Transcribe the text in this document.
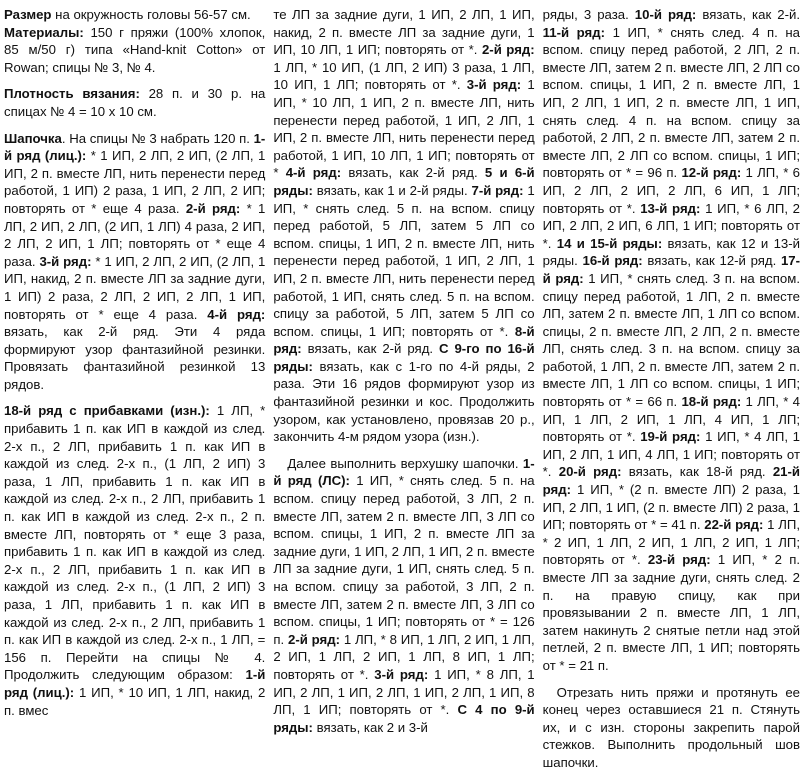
Размер на окружность головы 56-57 см.

Материалы: 150 г пряжи (100% хлопок, 85 м/50 г) типа «Hand-knit Cotton» от Rowan; спицы № 3, № 4.

Плотность вязания: 28 п. и 30 р. на спицах № 4 = 10 х 10 см.

Шапочка. На спицы № 3 набрать 120 п. 1-й ряд (лиц.): * 1 ИП, 2 ЛП, 2 ИП, (2 ЛП, 1 ИП, 2 п. вместе ЛП, нить перенести перед работой, 1 ИП) 2 раза, 1 ИП, 2 ЛП, 2 ИП; повторять от * еще 4 раза. 2-й ряд: * 1 ЛП, 2 ИП, 2 ЛП, (2 ИП, 1 ЛП) 4 раза, 2 ИП, 2 ЛП, 2 ИП, 1 ЛП; повторять от * еще 4 раза. 3-й ряд: * 1 ИП, 2 ЛП, 2 ИП, (2 ЛП, 1 ИП, накид, 2 п. вместе ЛП за задние дуги, 1 ИП) 2 раза, 2 ЛП, 2 ИП, 2 ЛП, 1 ИП, повторять от * еще 4 раза. 4-й ряд: вязать, как 2-й ряд. Эти 4 ряда формируют узор фантазийной резинки. Провязать фантазийной резинкой 13 рядов.

18-й ряд с прибавками (изн.): 1 ЛП, * прибавить 1 п. как ИП в каждой из след. 2-х п., 2 ЛП, прибавить 1 п. как ИП в каждой из след. 2-х п., (1 ЛП, 2 ИП) 3 раза, 1 ЛП, прибавить 1 п. как ИП в каждой из след. 2-х п., 2 ЛП, прибавить 1 п. как ИП в каждой из след. 2-х п., 2 п. вместе ЛП, повторять от * еще 3 раза, прибавить 1 п. как ИП в каждой из след. 2-х п., 2 ЛП, прибавить 1 п. как ИП в каждой из след. 2-х п., (1 ЛП, 2 ИП) 3 раза, 1 ЛП, прибавить 1 п. как ИП в каждой из след. 2-х п., 2 ЛП, прибавить 1 п. как ИП в каждой из след. 2-х п., 1 ЛП, = 156 п. Перейти на спицы № 4. Продолжить следующим образом: 1-й ряд (лиц.): 1 ИП, * 10 ИП, 1 ЛП, накид, 2 п. вмес

те ЛП за задние дуги, 1 ИП, 2 ЛП, 1 ИП, накид, 2 п. вместе ЛП за задние дуги, 1 ИП, 10 ЛП, 1 ИП; повторять от *. 2-й ряд: 1 ЛП, * 10 ИП, (1 ЛП, 2 ИП) 3 раза, 1 ЛП, 10 ИП, 1 ЛП; повторять от *. 3-й ряд: 1 ИП, * 10 ЛП, 1 ИП, 2 п. вместе ЛП, нить перенести перед работой, 1 ИП, 2 ЛП, 1 ИП, 2 п. вместе ЛП, нить перенести перед работой, 1 ИП, 10 ЛП, 1 ИП; повторять от * 4-й ряд: вязать, как 2-й ряд. 5 и 6-й ряды: вязать, как 1 и 2-й ряды. 7-й ряд: 1 ИП, * снять след. 5 п. на вспом. спицу перед работой, 5 ЛП, затем 5 ЛП со вспом. спицы, 1 ИП, 2 п. вместе ЛП, нить перенести перед работой, 1 ИП, 2 ЛП, 1 ИП, 2 п. вместе ЛП, нить перенести перед работой, 1 ИП, снять след. 5 п. на вспом. спицу за работой, 5 ЛП, затем 5 ЛП со вспом. спицы, 1 ИП; повторять от *. 8-й ряд: вязать, как 2-й ряд. С 9-го по 16-й ряды: вязать, как с 1-го по 4-й ряды, 2 раза. Эти 16 рядов формируют узор из фантазийной резинки и кос. Продолжить узором, как установлено, провязав 20 р., закончить 4-м рядом узора (изн.).

Далее выполнить верхушку шапочки. 1-й ряд (ЛС): 1 ИП, * снять след. 5 п. на вспом. спицу перед работой, 3 ЛП, 2 п. вместе ЛП, затем 2 п. вместе ЛП, 3 ЛП со вспом. спицы, 1 ИП, 2 п. вместе ЛП за задние дуги, 1 ИП, 2 ЛП, 1 ИП, 2 п. вместе ЛП за задние дуги, 1 ИП, снять след. 5 п. на вспом. спицу за работой, 3 ЛП, 2 п. вместе ЛП, затем 2 п. вместе ЛП, 3 ЛП со вспом. спицы, 1 ИП; повторять от * = 126 п. 2-й ряд: 1 ЛП, * 8 ИП, 1 ЛП, 2 ИП, 1 ЛП, 2 ИП, 1 ЛП, 2 ИП, 1 ЛП, 8 ИП, 1 ЛП; повторять от *. 3-й ряд: 1 ИП, * 8 ЛП, 1 ИП, 2 ЛП, 1 ИП, 2 ЛП, 1 ИП, 2 ЛП, 1 ИП, 8 ЛП, 1 ИП; повторять от *. С 4 по 9-й ряды: вязать, как 2 и 3-й

ряды, 3 раза. 10-й ряд: вязать, как 2-й. 11-й ряд: 1 ИП, * снять след. 4 п. на вспом. спицу перед работой, 2 ЛП, 2 п. вместе ЛП, затем 2 п. вместе ЛП, 2 ЛП со вспом. спицы, 1 ИП, 2 п. вместе ЛП, 1 ИП, 2 ЛП, 1 ИП, 2 п. вместе ЛП, 1 ИП, снять след. 4 п. на вспом. спицу за работой, 2 ЛП, 2 п. вместе ЛП, затем 2 п. вместе ЛП, 2 ЛП со вспом. спицы, 1 ИП; повторять от * = 96 п. 12-й ряд: 1 ЛП, * 6 ИП, 2 ЛП, 2 ИП, 2 ЛП, 6 ИП, 1 ЛП; повторять от *. 13-й ряд: 1 ИП, * 6 ЛП, 2 ИП, 2 ЛП, 2 ИП, 6 ЛП, 1 ИП; повторять от *. 14 и 15-й ряды: вязать, как 12 и 13-й ряды. 16-й ряд: вязать, как 12-й ряд. 17-й ряд: 1 ИП, * снять след. 3 п. на вспом. спицу перед работой, 1 ЛП, 2 п. вместе ЛП, затем 2 п. вместе ЛП, 1 ЛП со вспом. спицы, 2 п. вместе ЛП, 2 ЛП, 2 п. вместе ЛП, снять след. 3 п. на вспом. спицу за работой, 1 ЛП, 2 п. вместе ЛП, затем 2 п. вместе ЛП, 1 ЛП со вспом. спицы, 1 ИП; повторять от * = 66 п. 18-й ряд: 1 ЛП, * 4 ИП, 1 ЛП, 2 ИП, 1 ЛП, 4 ИП, 1 ЛП; повторять от *. 19-й ряд: 1 ИП, * 4 ЛП, 1 ИП, 2 ЛП, 1 ИП, 4 ЛП, 1 ИП; повторять от *. 20-й ряд: вязать, как 18-й ряд. 21-й ряд: 1 ИП, * (2 п. вместе ЛП) 2 раза, 1 ИП, 2 ЛП, 1 ИП, (2 п. вместе ЛП) 2 раза, 1 ИП; повторять от * = 41 п. 22-й ряд: 1 ЛП, * 2 ИП, 1 ЛП, 2 ИП, 1 ЛП, 2 ИП, 1 ЛП; повторять от *. 23-й ряд: 1 ИП, * 2 п. вместе ЛП за задние дуги, снять след. 2 п. на правую спицу, как при провязывании 2 п. вместе ЛП, 1 ЛП, затем накинуть 2 снятые петли над этой петлей, 2 п. вместе ЛП, 1 ИП; повторять от * = 21 п.

Отрезать нить пряжи и протянуть ее конец через оставшиеся 21 п. Стянуть их, и с изн. стороны закрепить парой стежков. Выполнить продольный шов шапочки.
